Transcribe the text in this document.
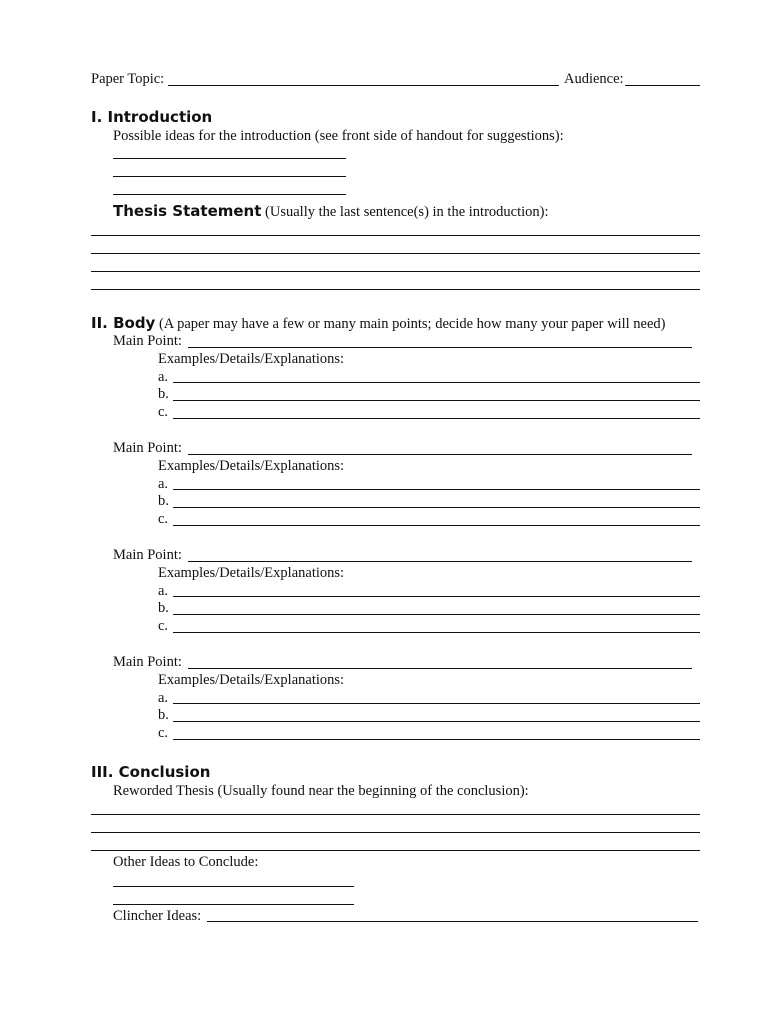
Paper Topic:	Audience:
I. Introduction
Possible ideas for the introduction (see front side of handout for suggestions):
Thesis Statement (Usually the last sentence(s) in the introduction):
II. Body (A paper may have a few or many main points; decide how many your paper will need)
Main Point:
Examples/Details/Explanations:
a.
b.
c.
Main Point:
Examples/Details/Explanations:
a.
b.
c.
Main Point:
Examples/Details/Explanations:
a.
b.
c.
Main Point:
Examples/Details/Explanations:
a.
b.
c.
III. Conclusion
Reworded Thesis (Usually found near the beginning of the conclusion):
Other Ideas to Conclude:
Clincher Ideas:
